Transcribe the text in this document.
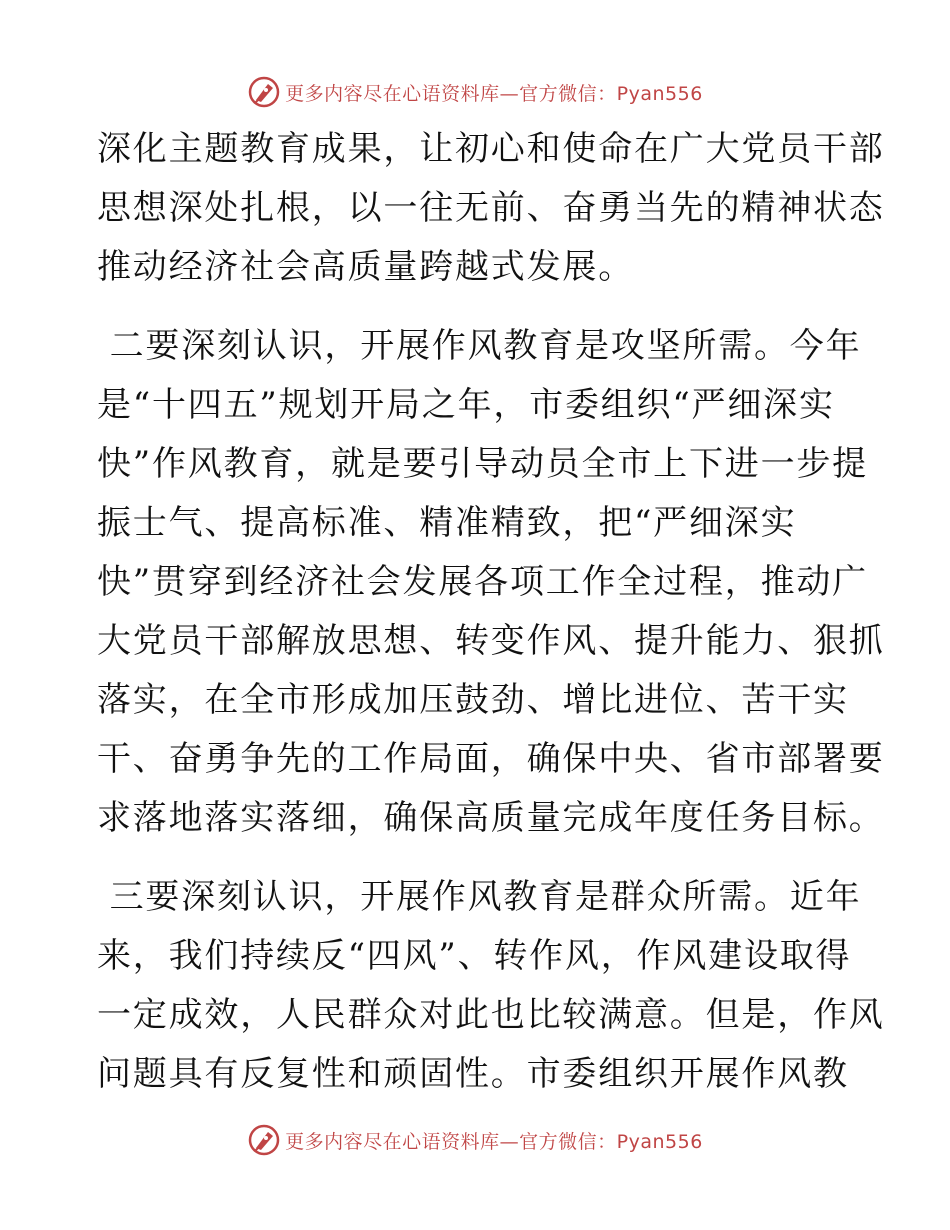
更多内容尽在心语资料库—官方微信：Pyan556
深化主题教育成果，让初心和使命在广大党员干部
思想深处扎根，以一往无前、奋勇当先的精神状态
推动经济社会高质量跨越式发展。
二要深刻认识，开展作风教育是攻坚所需。今年
是“十四五”规划开局之年，市委组织“严细深实
快”作风教育，就是要引导动员全市上下进一步提
振士气、提高标准、精准精致，把“严细深实
快”贯穿到经济社会发展各项工作全过程，推动广
大党员干部解放思想、转变作风、提升能力、狠抓
落实，在全市形成加压鼓劲、增比进位、苦干实
干、奋勇争先的工作局面，确保中央、省市部署要
求落地落实落细，确保高质量完成年度任务目标。
三要深刻认识，开展作风教育是群众所需。近年
来，我们持续反“四风”、转作风，作风建设取得
一定成效，人民群众对此也比较满意。但是，作风
问题具有反复性和顽固性。市委组织开展作风教
更多内容尽在心语资料库—官方微信：Pyan556
